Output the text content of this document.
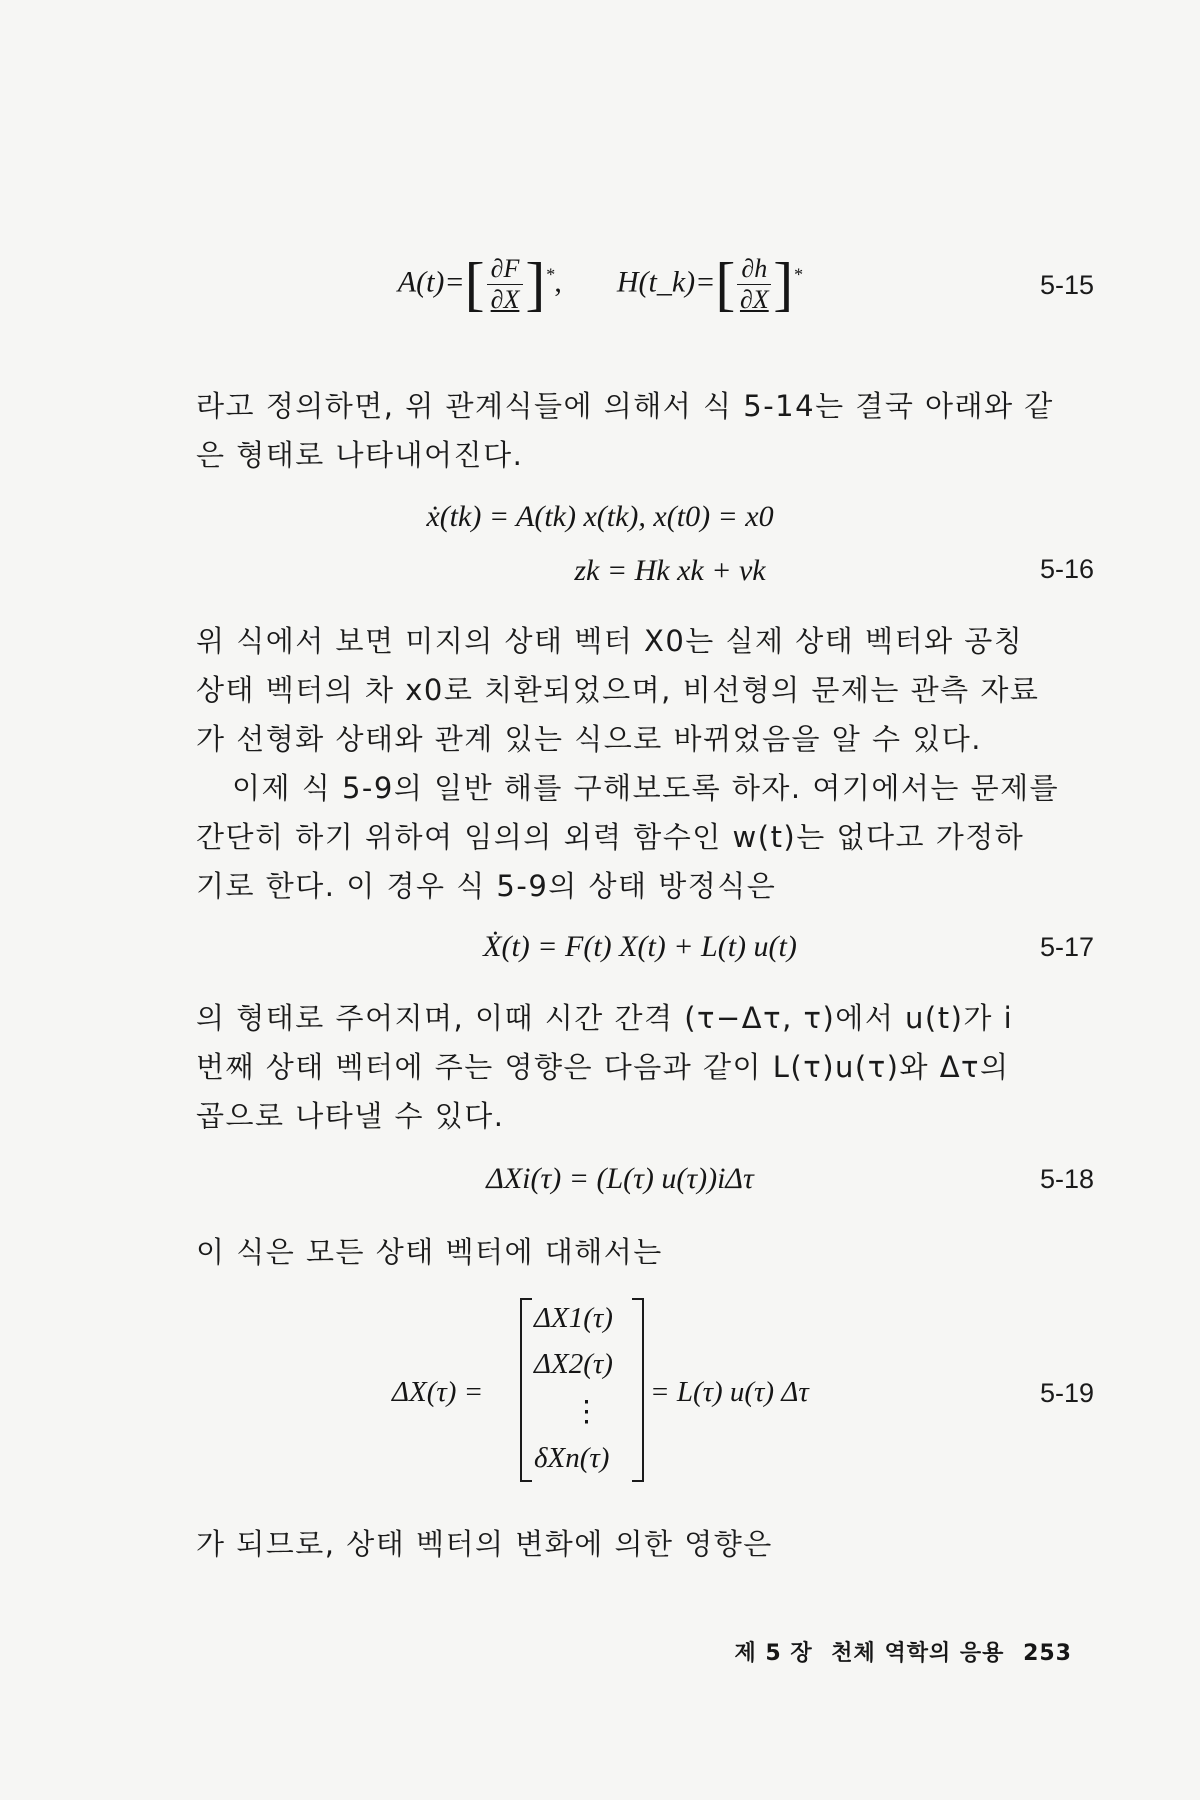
$A(t)=[ \frac{\partial F}{\partial X} ]^*$, H(t_k)=[ $\frac{\partial h}{\partial X} ]^*$	5-15
라고 정의하면, 위 관계식들에 의해서 식 5-14는 결국 아래와 같
은 형태로 나타내어진다.
ẋ(tk) = A(tk) x(tk), x(t0) = x0
zk = Hk xk + vk	5-16
위 식에서 보면 미지의 상태 벡터 X0는 실제 상태 벡터와 공칭
상태 벡터의 차 x0로 치환되었으며, 비선형의 문제는 관측 자료
가 선형화 상태와 관계 있는 식으로 바뀌었음을 알 수 있다.
이제 식 5-9의 일반 해를 구해보도록 하자. 여기에서는 문제를
간단히 하기 위하여 임의의 외력 함수인 w(t)는 없다고 가정하
기로 한다. 이 경우 식 5-9의 상태 방정식은
Ẋ(t) = F(t) X(t) + L(t) u(t)	5-17
의 형태로 주어지며, 이때 시간 간격 (τ−Δτ, τ)에서 u(t)가 i
번째 상태 벡터에 주는 영향은 다음과 같이 L(τ)u(τ)와 Δτ의
곱으로 나타낼 수 있다.
ΔXi(τ) = (L(τ) u(τ))iΔτ	5-18
이 식은 모든 상태 벡터에 대해서는
ΔX(τ) =
ΔX1(τ)
ΔX2(τ)
⋮
δXn(τ)
= L(τ) u(τ) Δτ	5-19
가 되므로, 상태 벡터의 변화에 의한 영향은
제 5 장 천체 역학의 응용 253
